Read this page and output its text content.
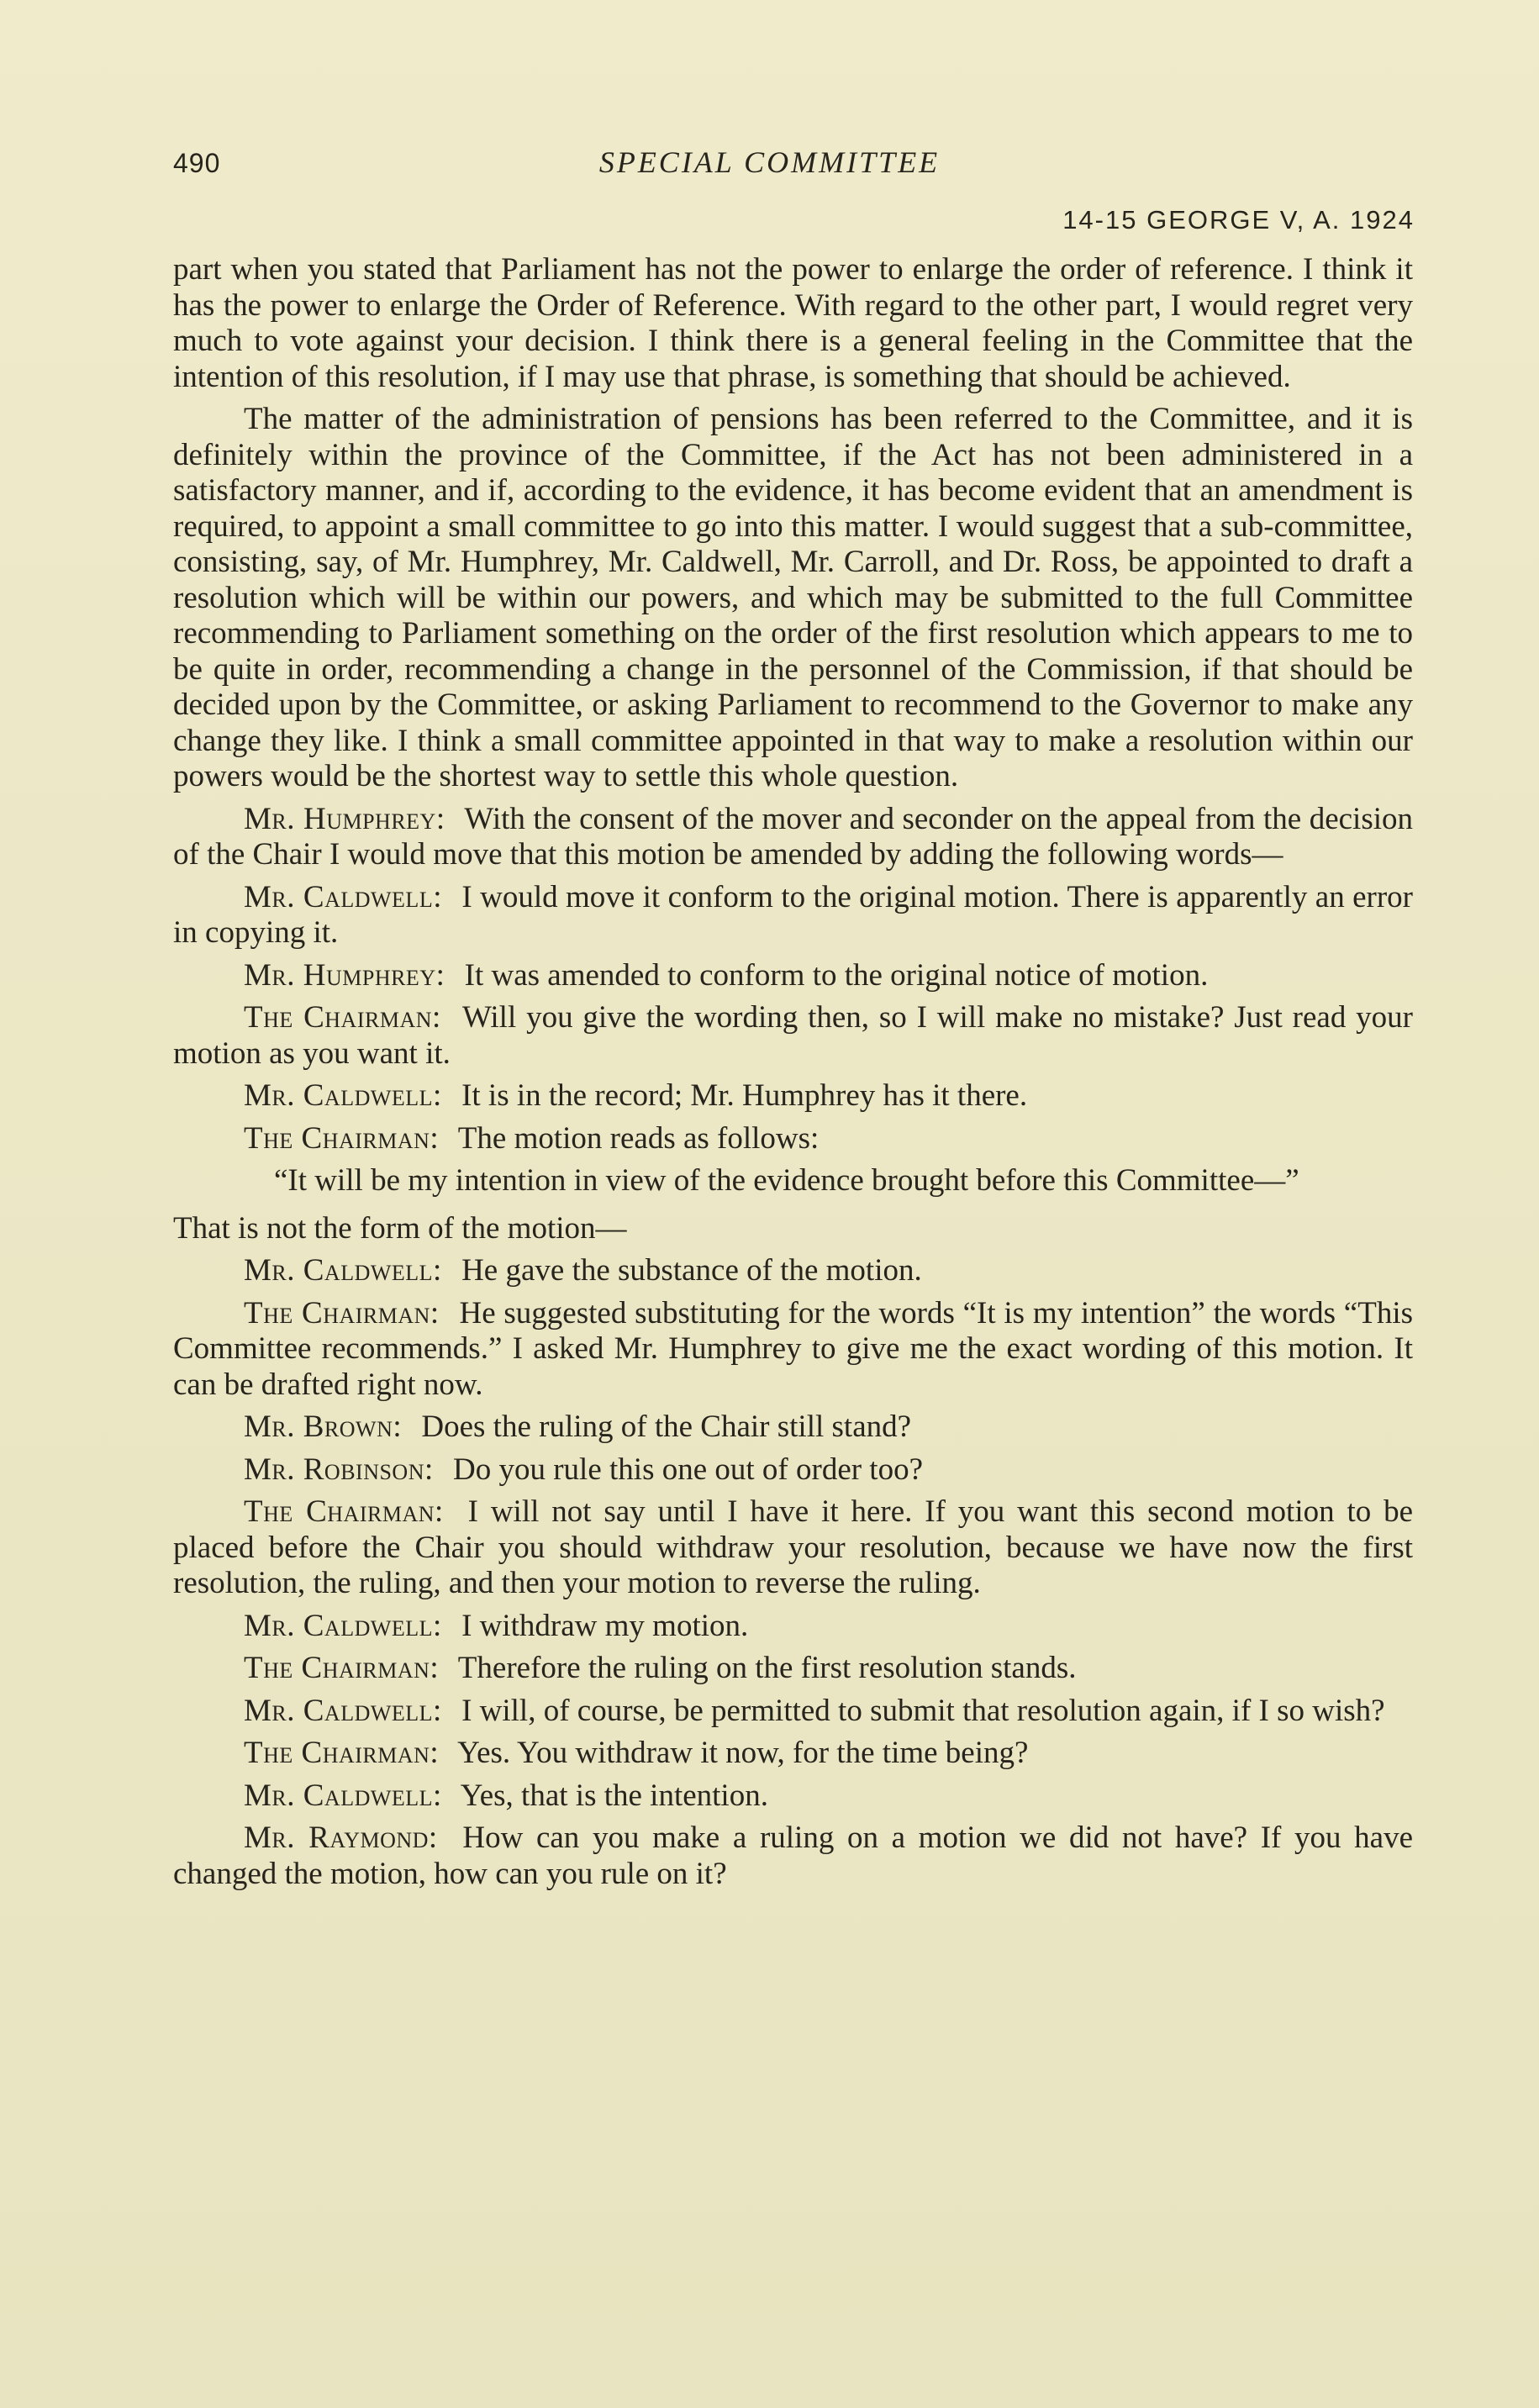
490	SPECIAL COMMITTEE
14-15 GEORGE V, A. 1924

part when you stated that Parliament has not the power to enlarge the order of reference. I think it has the power to enlarge the Order of Reference. With regard to the other part, I would regret very much to vote against your decision. I think there is a general feeling in the Committee that the intention of this resolution, if I may use that phrase, is something that should be achieved.

The matter of the administration of pensions has been referred to the Committee, and it is definitely within the province of the Committee, if the Act has not been administered in a satisfactory manner, and if, according to the evidence, it has become evident that an amendment is required, to appoint a small committee to go into this matter. I would suggest that a sub-committee, consisting, say, of Mr. Humphrey, Mr. Caldwell, Mr. Carroll, and Dr. Ross, be appointed to draft a resolution which will be within our powers, and which may be submitted to the full Committee recommending to Parliament something on the order of the first resolution which appears to me to be quite in order, recommending a change in the personnel of the Commission, if that should be decided upon by the Committee, or asking Parliament to recommend to the Governor to make any change they like. I think a small committee appointed in that way to make a resolution within our powers would be the shortest way to settle this whole question.

Mr. Humphrey: With the consent of the mover and seconder on the appeal from the decision of the Chair I would move that this motion be amended by adding the following words—

Mr. Caldwell: I would move it conform to the original motion. There is apparently an error in copying it.

Mr. Humphrey: It was amended to conform to the original notice of motion.

The Chairman: Will you give the wording then, so I will make no mistake? Just read your motion as you want it.

Mr. Caldwell: It is in the record; Mr. Humphrey has it there.

The Chairman: The motion reads as follows:

“It will be my intention in view of the evidence brought before this Committee—”

That is not the form of the motion—

Mr. Caldwell: He gave the substance of the motion.

The Chairman: He suggested substituting for the words “It is my intention” the words “This Committee recommends.” I asked Mr. Humphrey to give me the exact wording of this motion. It can be drafted right now.

Mr. Brown: Does the ruling of the Chair still stand?

Mr. Robinson: Do you rule this one out of order too?

The Chairman: I will not say until I have it here. If you want this second motion to be placed before the Chair you should withdraw your resolution, because we have now the first resolution, the ruling, and then your motion to reverse the ruling.

Mr. Caldwell: I withdraw my motion.

The Chairman: Therefore the ruling on the first resolution stands.

Mr. Caldwell: I will, of course, be permitted to submit that resolution again, if I so wish?

The Chairman: Yes. You withdraw it now, for the time being?

Mr. Caldwell: Yes, that is the intention.

Mr. Raymond: How can you make a ruling on a motion we did not have? If you have changed the motion, how can you rule on it?
